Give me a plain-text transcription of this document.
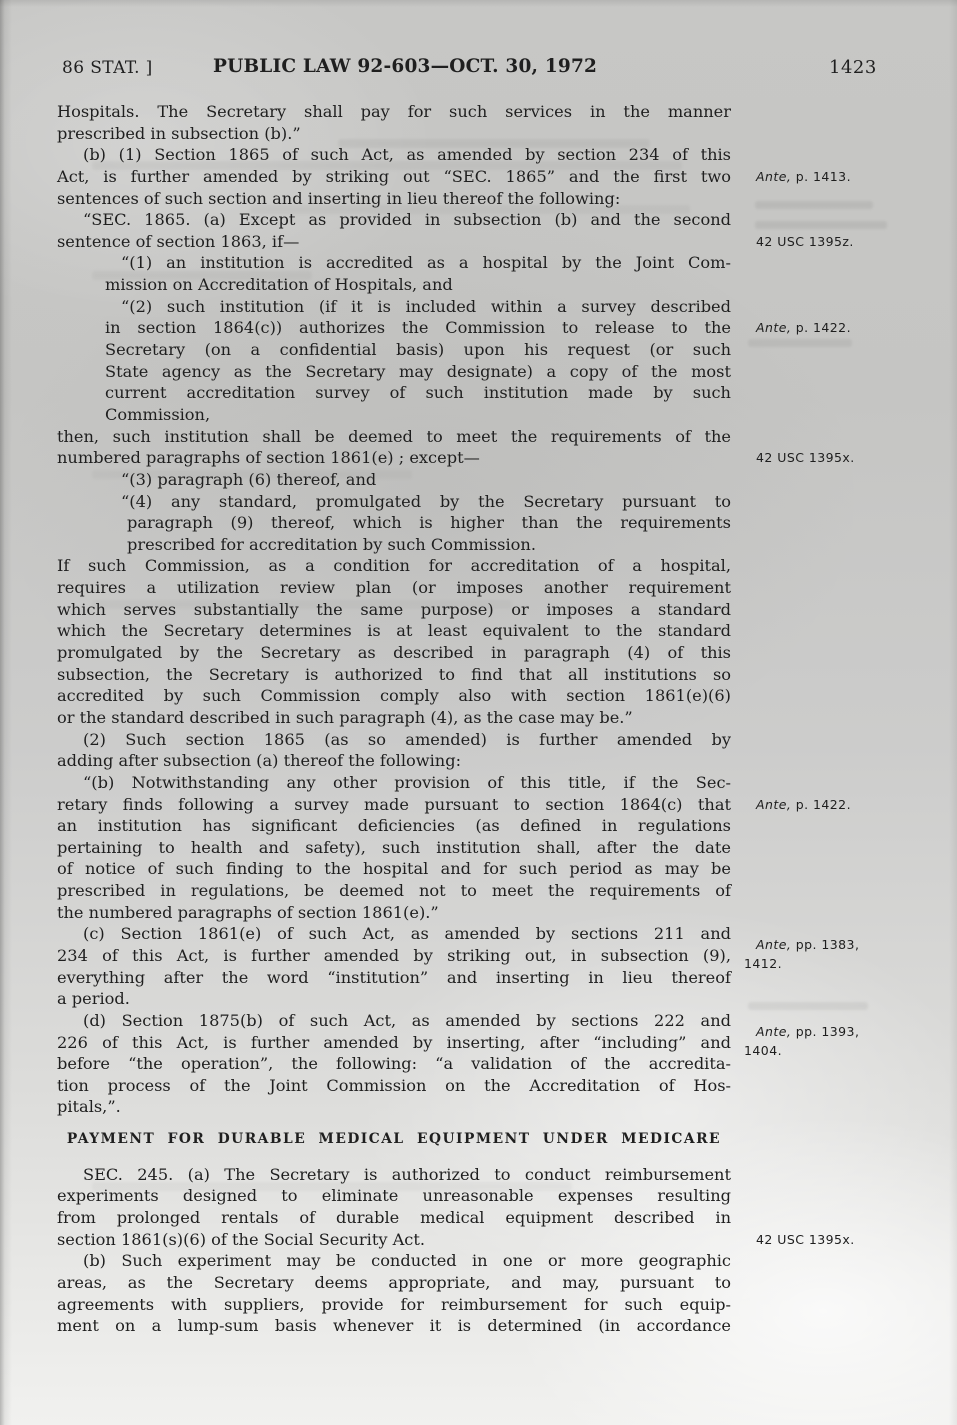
86 STAT. ]	PUBLIC LAW 92-603—OCT. 30, 1972	1423
Hospitals. The Secretary shall pay for such services in the manner
prescribed in subsection (b).”
(b) (1) Section 1865 of such Act, as amended by section 234 of this
Act, is further amended by striking out “SEC. 1865” and the first two Ante, p. 1413.
sentences of such section and inserting in lieu thereof the following:
“SEC. 1865. (a) Except as provided in subsection (b) and the second
sentence of section 1863, if—	42 USC 1395z.
“(1) an institution is accredited as a hospital by the Joint Com-
mission on Accreditation of Hospitals, and
“(2) such institution (if it is included within a survey described
in section 1864(c)) authorizes the Commission to release to the Ante, p. 1422.
Secretary (on a confidential basis) upon his request (or such
State agency as the Secretary may designate) a copy of the most
current accreditation survey of such institution made by such
Commission,
then, such institution shall be deemed to meet the requirements of the
numbered paragraphs of section 1861(e) ; except—	42 USC 1395x.
“(3) paragraph (6) thereof, and
“(4) any standard, promulgated by the Secretary pursuant to
paragraph (9) thereof, which is higher than the requirements
prescribed for accreditation by such Commission.
If such Commission, as a condition for accreditation of a hospital,
requires a utilization review plan (or imposes another requirement
which serves substantially the same purpose) or imposes a standard
which the Secretary determines is at least equivalent to the standard
promulgated by the Secretary as described in paragraph (4) of this
subsection, the Secretary is authorized to find that all institutions so
accredited by such Commission comply also with section 1861(e)(6)
or the standard described in such paragraph (4), as the case may be.”
(2) Such section 1865 (as so amended) is further amended by
adding after subsection (a) thereof the following:
“(b) Notwithstanding any other provision of this title, if the Sec-
retary finds following a survey made pursuant to section 1864(c) that Ante, p. 1422.
an institution has significant deficiencies (as defined in regulations
pertaining to health and safety), such institution shall, after the date
of notice of such finding to the hospital and for such period as may be
prescribed in regulations, be deemed not to meet the requirements of
the numbered paragraphs of section 1861(e).”
(c) Section 1861(e) of such Act, as amended by sections 211 and
234 of this Act, is further amended by striking out, in subsection (9),
Ante, pp. 1383,
1412.
everything after the word “institution” and inserting in lieu thereof
a period.
(d) Section 1875(b) of such Act, as amended by sections 222 and
226 of this Act, is further amended by inserting, after “including” and
Ante, pp. 1393,
1404.
before “the operation”, the following: “a validation of the accredita-
tion process of the Joint Commission on the Accreditation of Hos-
pitals,”.
PAYMENT FOR DURABLE MEDICAL EQUIPMENT UNDER MEDICARE
SEC. 245. (a) The Secretary is authorized to conduct reimbursement
experiments designed to eliminate unreasonable expenses resulting
from prolonged rentals of durable medical equipment described in
section 1861(s)(6) of the Social Security Act.	42 USC 1395x.
(b) Such experiment may be conducted in one or more geographic
areas, as the Secretary deems appropriate, and may, pursuant to
agreements with suppliers, provide for reimbursement for such equip-
ment on a lump-sum basis whenever it is determined (in accordance
